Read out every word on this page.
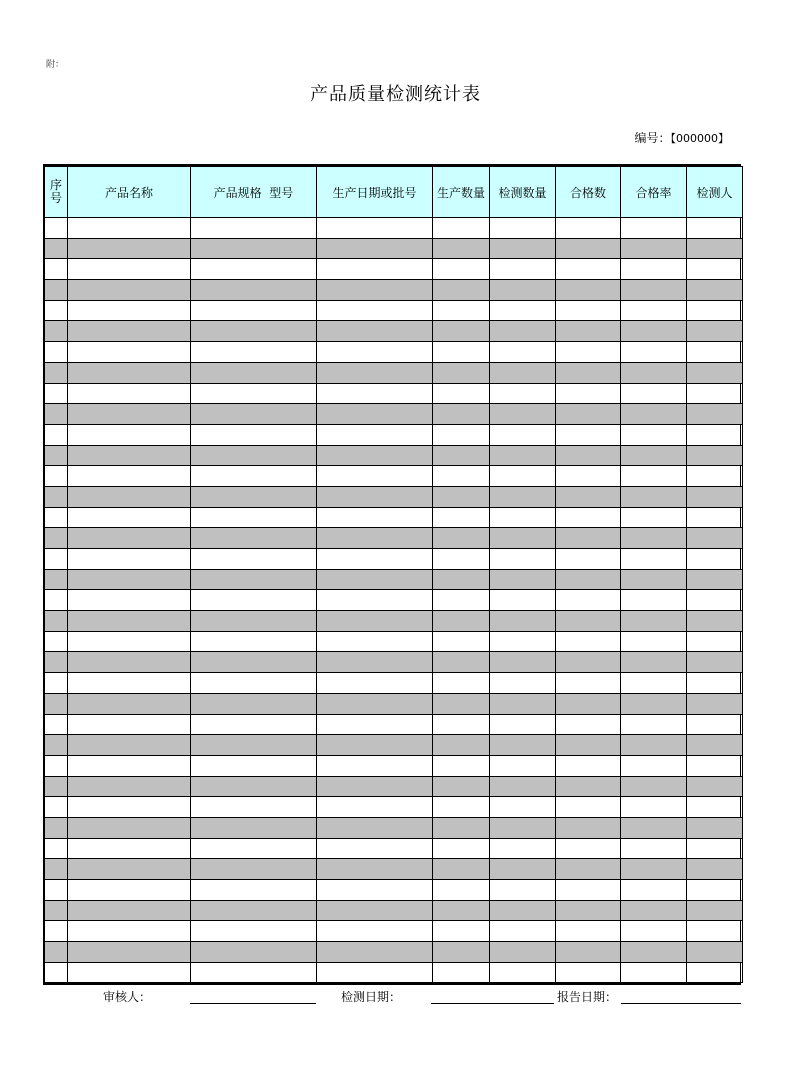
附：
产品质量检测统计表
编号：【000000】
序号	产品名称	产品规格  型号	生产日期或批号	生产数量	检测数量	合格数	合格率	检测人

审核人：	检测日期：	报告日期：
